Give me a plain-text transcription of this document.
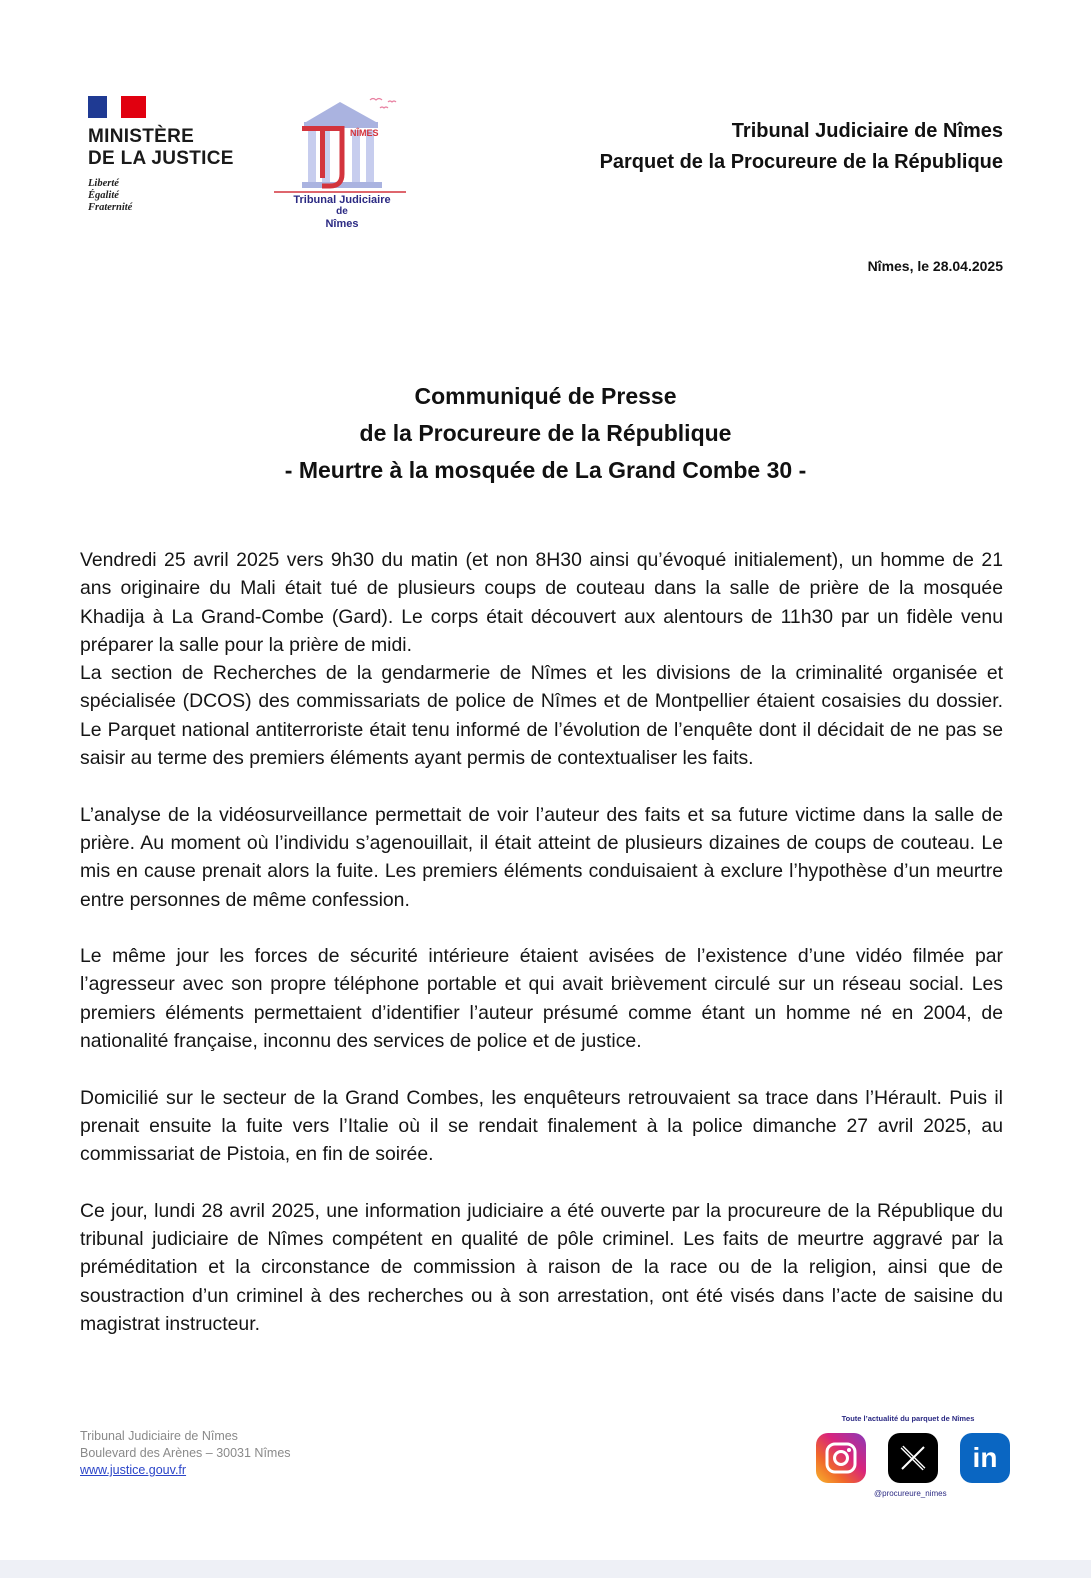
MINISTÈRE
DE LA JUSTICE
Liberté
Égalité
Fraternité
NÎMES
Tribunal Judiciaire
de
Nîmes
Tribunal Judiciaire de Nîmes
Parquet de la Procureure de la République
Nîmes, le 28.04.2025
Communiqué de Presse
de la Procureure de la République
- Meurtre à la mosquée de La Grand Combe 30 -
Vendredi 25 avril 2025 vers 9h30 du matin (et non 8H30 ainsi qu’évoqué initialement), un homme de 21 ans originaire du Mali était tué de plusieurs coups de couteau dans la salle de prière de la mosquée Khadija à La Grand-Combe (Gard). Le corps était découvert aux alentours de 11h30 par un fidèle venu préparer la salle pour la prière de midi.

La section de Recherches de la gendarmerie de Nîmes et les divisions de la criminalité organisée et spécialisée (DCOS) des commissariats de police de Nîmes et de Montpellier étaient cosaisies du dossier. Le Parquet national antiterroriste était tenu informé de l’évolution de l’enquête dont il décidait de ne pas se saisir au terme des premiers éléments ayant permis de contextualiser les faits.

L’analyse de la vidéosurveillance permettait de voir l’auteur des faits et sa future victime dans la salle de prière. Au moment où l’individu s’agenouillait, il était atteint de plusieurs dizaines de coups de couteau. Le mis en cause prenait alors la fuite. Les premiers éléments conduisaient à exclure l’hypothèse d’un meurtre entre personnes de même confession.

Le même jour les forces de sécurité intérieure étaient avisées de l’existence d’une vidéo filmée par l’agresseur avec son propre téléphone portable et qui avait brièvement circulé sur un réseau social. Les premiers éléments permettaient d’identifier l’auteur présumé comme étant un homme né en 2004, de nationalité française, inconnu des services de police et de justice.

Domicilié sur le secteur de la Grand Combes, les enquêteurs retrouvaient sa trace dans l’Hérault. Puis il prenait ensuite la fuite vers l’Italie où il se rendait finalement à la police dimanche 27 avril 2025, au commissariat de Pistoia, en fin de soirée.

Ce jour, lundi 28 avril 2025, une information judiciaire a été ouverte par la procureure de la République du tribunal judiciaire de Nîmes compétent en qualité de pôle criminel. Les faits de meurtre aggravé par la préméditation et la circonstance de commission à raison de la race ou de la religion, ainsi que de soustraction d’un criminel à des recherches ou à son arrestation, ont été visés dans l’acte de saisine du magistrat instructeur.

Tribunal Judiciaire de Nîmes
Boulevard des Arènes – 30031 Nîmes
www.justice.gouv.fr
Toute l’actualité du parquet de Nîmes
in
@procureure_nimes
